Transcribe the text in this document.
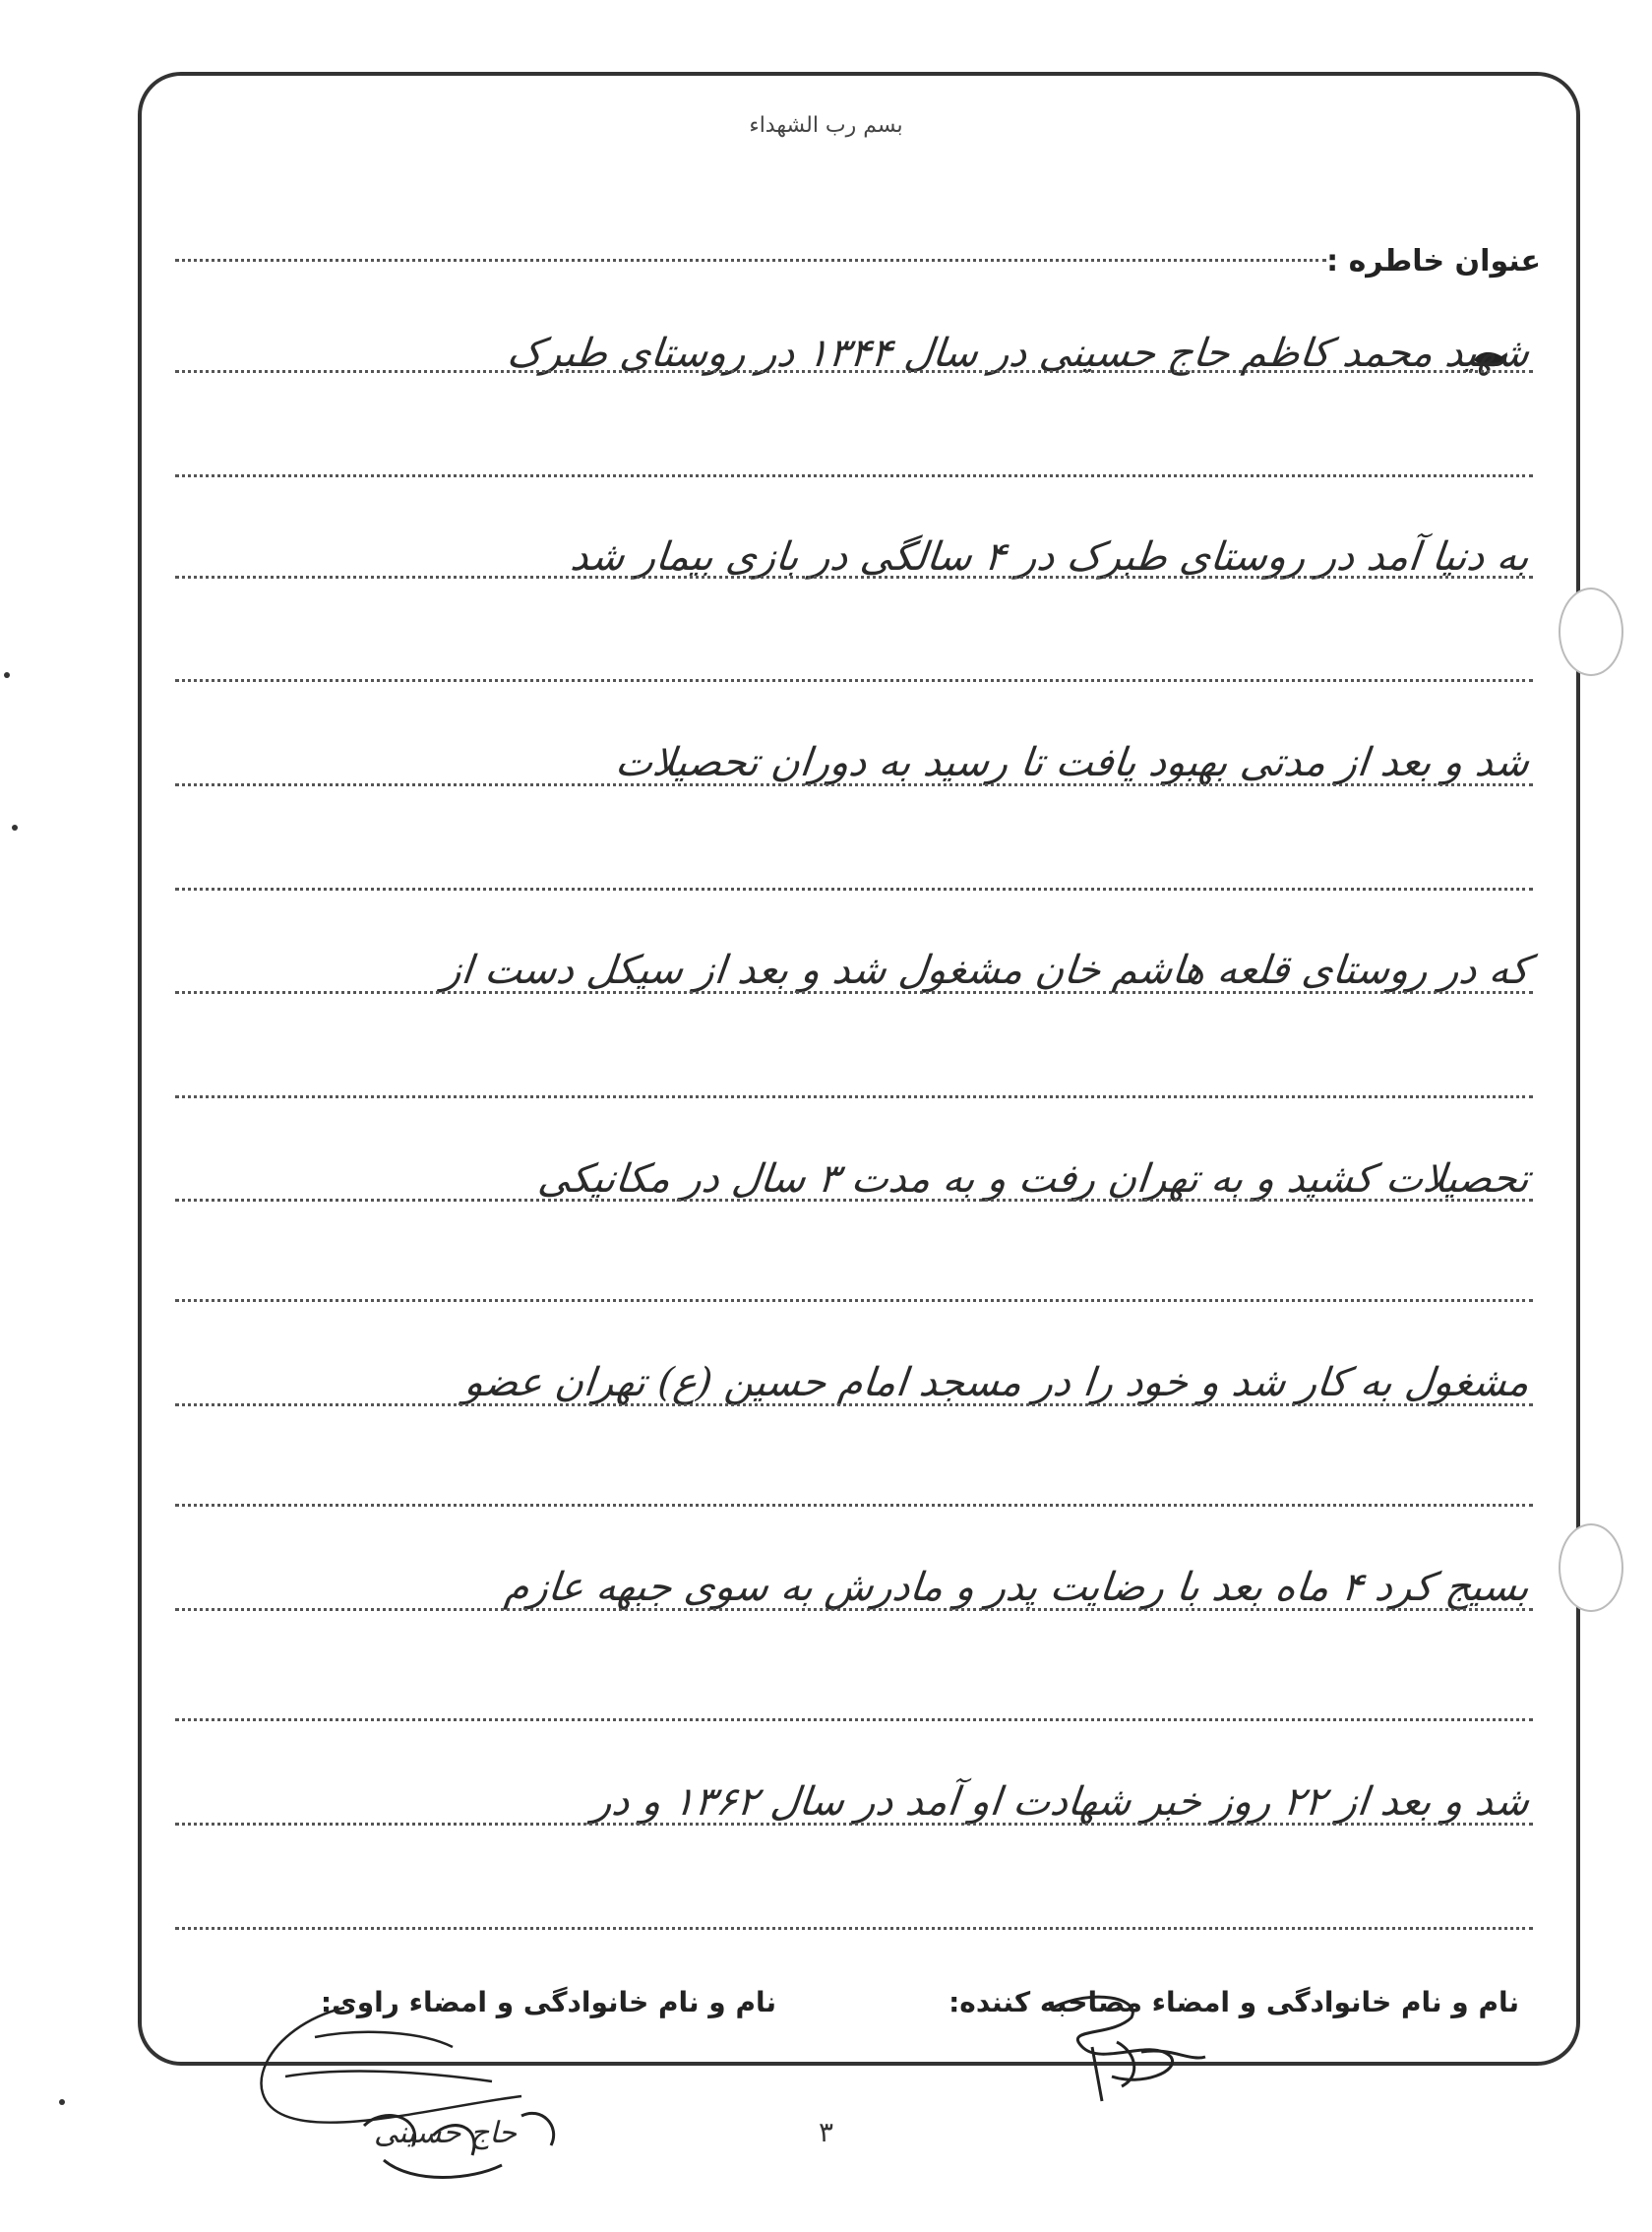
بسم رب الشهداء
عنوان خاطره :
شهید محمد کاظم حاج حسینی در سال ۱۳۴۴ در روستای طبرک
به دنیا آمد در روستای طبرک در ۴ سالگی در بازی بیمار شد
شد و بعد از مدتی بهبود یافت تا رسید به دوران تحصیلات
که در روستای قلعه هاشم خان مشغول شد و بعد از سیکل دست از
تحصیلات کشید و به تهران رفت و به مدت ۳ سال در مکانیکی
مشغول به کار شد و خود را در مسجد امام حسین (ع) تهران عضو
بسیج کرد ۴ ماه بعد با رضایت پدر و مادرش به سوی جبهه عازم
شد و بعد از ۲۲ روز خبر شهادت او آمد در سال ۱۳۶۲ و در
نام و نام خانوادگی و امضاء مصاحبه کننده:
نام و نام خانوادگی و امضاء راوی:
حاج حسینی	۳
